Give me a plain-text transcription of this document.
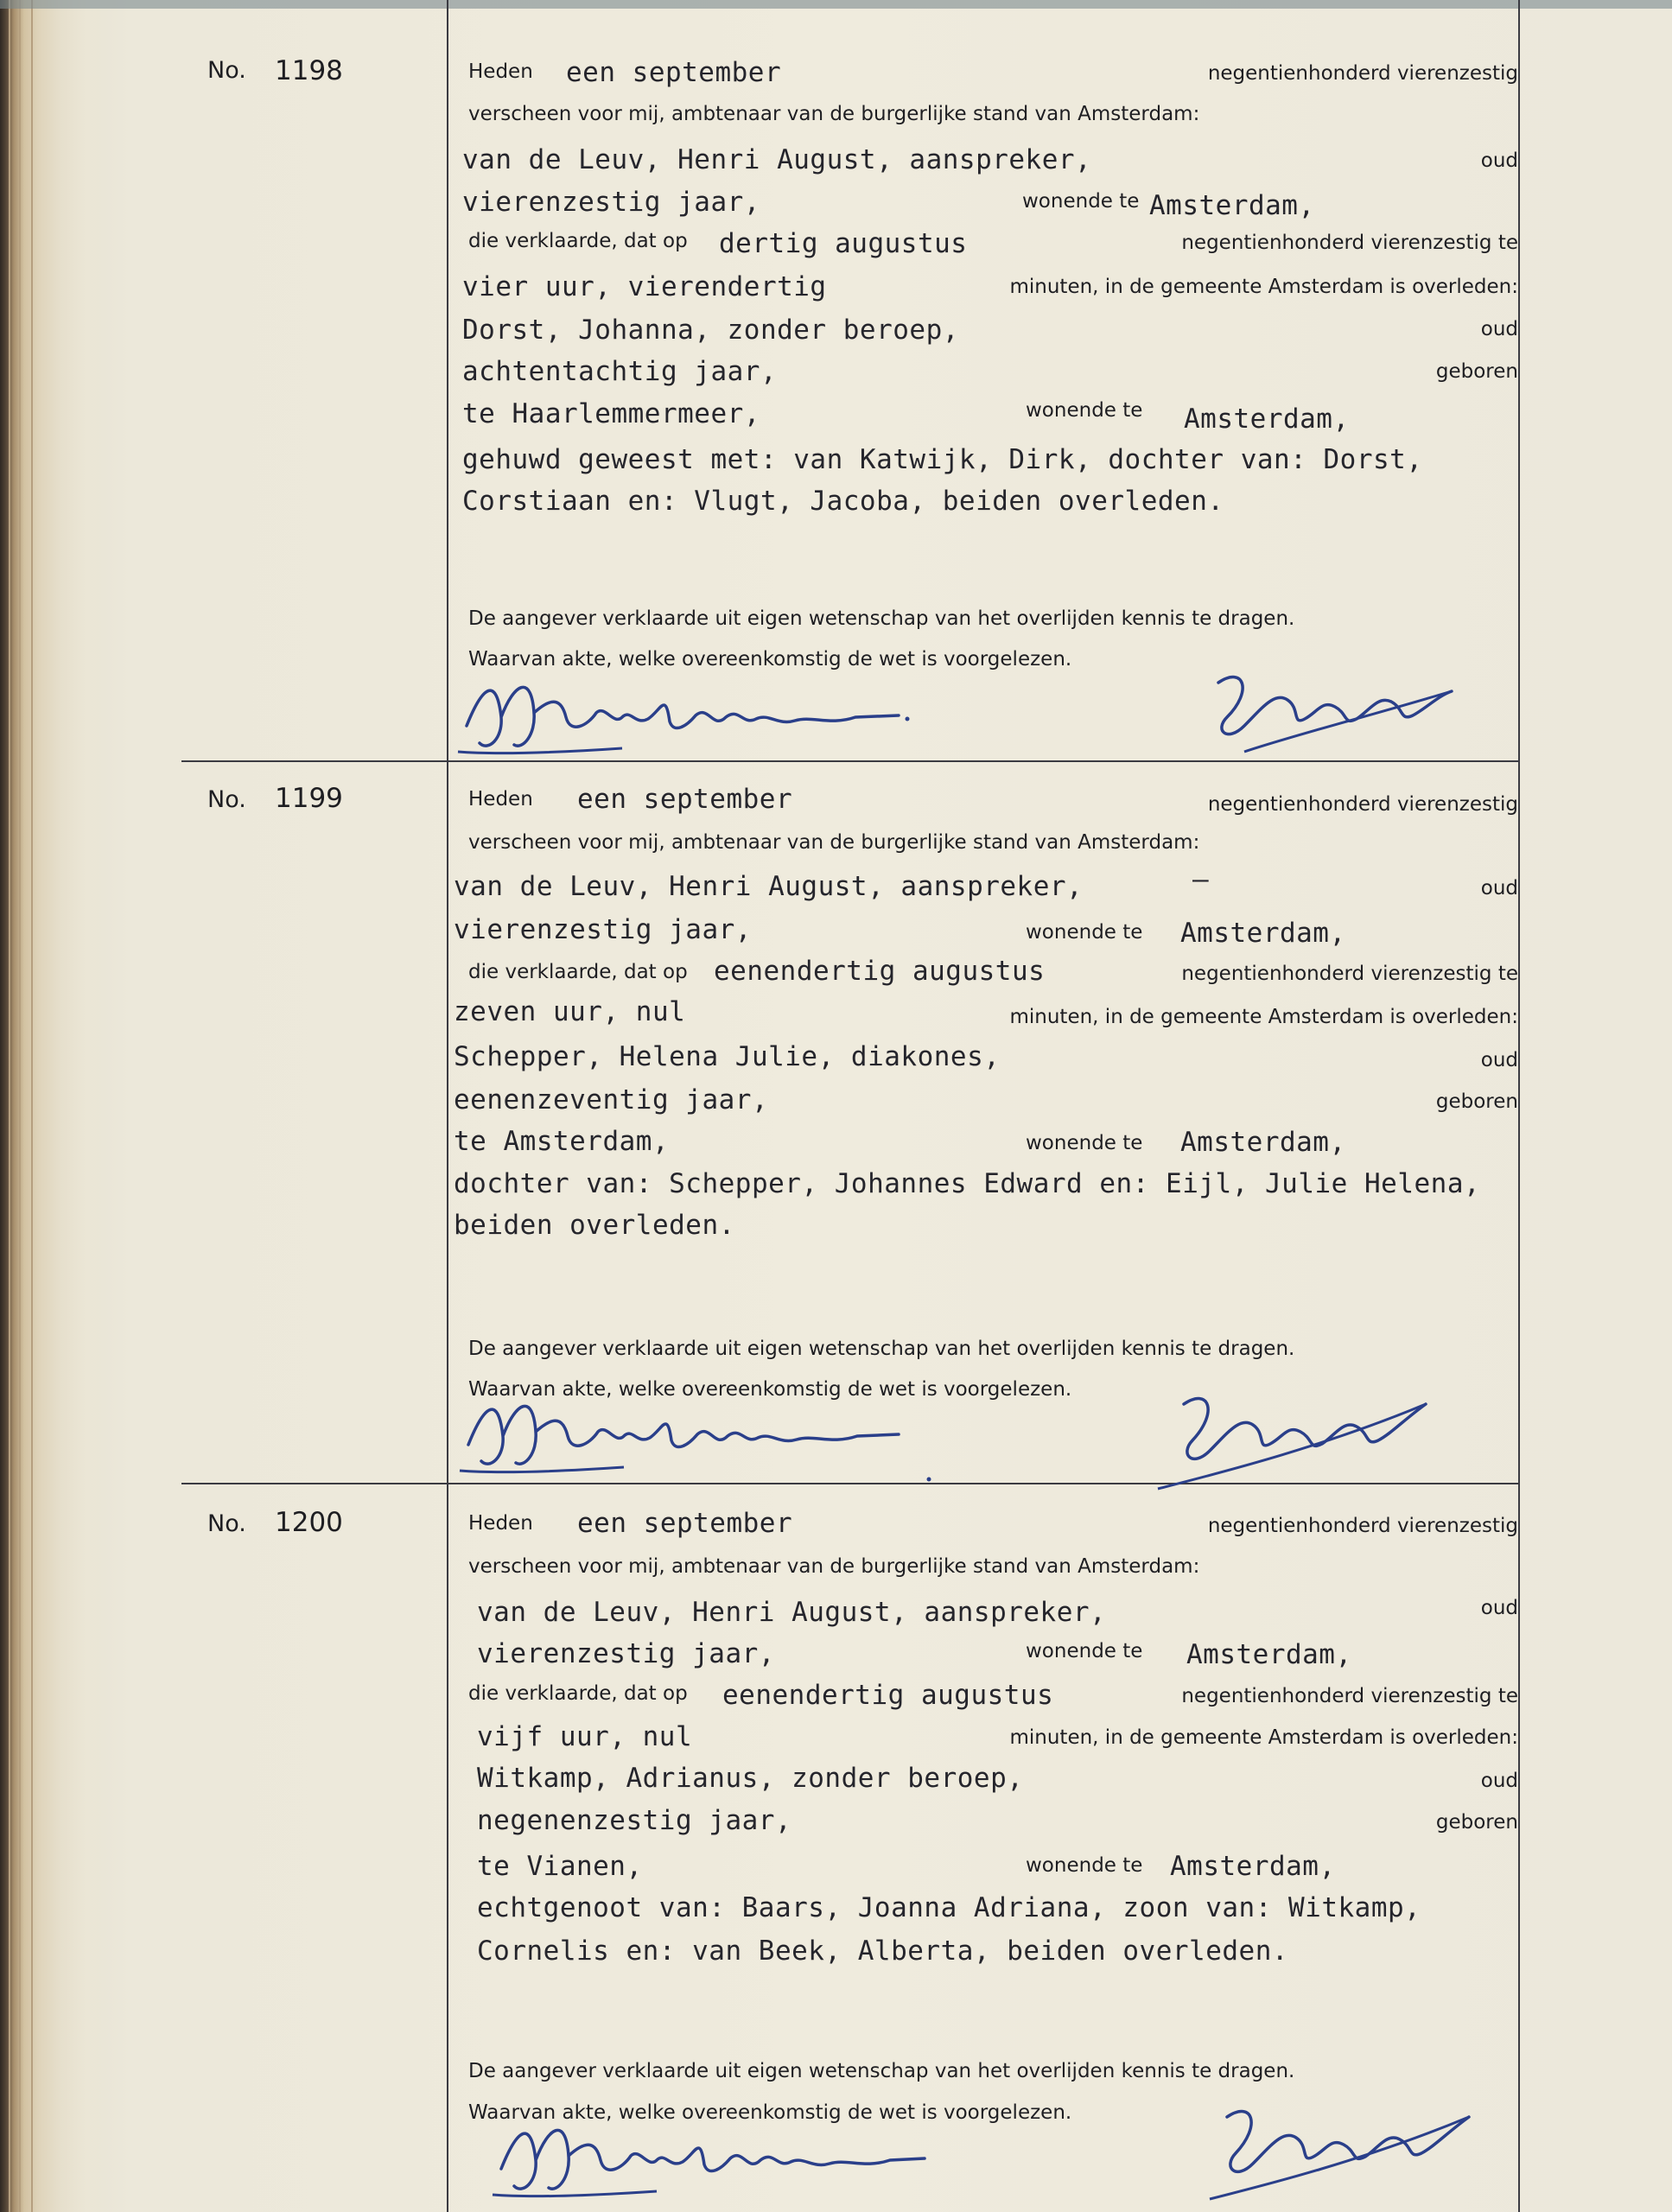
No. 1198	Heden een september	negentienhonderd vierenzestig
verscheen voor mij, ambtenaar van de burgerlijke stand van Amsterdam:
van de Leuv, Henri August, aanspreker,	oud
vierenzestig jaar,	wonende te Amsterdam,
die verklaarde, dat op dertig augustus	negentienhonderd vierenzestig te
vier uur, vierendertig	minuten, in de gemeente Amsterdam is overleden:
Dorst, Johanna, zonder beroep,	oud
achtentachtig jaar,	geboren
te Haarlemmermeer,	wonende te Amsterdam,
gehuwd geweest met: van Katwijk, Dirk, dochter van: Dorst,
Corstiaan en: Vlugt, Jacoba, beiden overleden.
De aangever verklaarde uit eigen wetenschap van het overlijden kennis te dragen.
Waarvan akte, welke overeenkomstig de wet is voorgelezen.
No. 1199	Heden een september	negentienhonderd vierenzestig
verscheen voor mij, ambtenaar van de burgerlijke stand van Amsterdam:
van de Leuv, Henri August, aanspreker,	—	oud
vierenzestig jaar,	wonende te Amsterdam,
die verklaarde, dat op eenendertig augustus	negentienhonderd vierenzestig te
zeven uur, nul	minuten, in de gemeente Amsterdam is overleden:
Schepper, Helena Julie, diakones,	oud
eenenzeventig jaar,	geboren
te Amsterdam,	wonende te Amsterdam,
dochter van: Schepper, Johannes Edward en: Eijl, Julie Helena,
beiden overleden.
De aangever verklaarde uit eigen wetenschap van het overlijden kennis te dragen.
Waarvan akte, welke overeenkomstig de wet is voorgelezen.
No. 1200	Heden een september	negentienhonderd vierenzestig
verscheen voor mij, ambtenaar van de burgerlijke stand van Amsterdam:
van de Leuv, Henri August, aanspreker,	oud
vierenzestig jaar,	wonende te Amsterdam,
die verklaarde, dat op eenendertig augustus	negentienhonderd vierenzestig te
vijf uur, nul	minuten, in de gemeente Amsterdam is overleden:
Witkamp, Adrianus, zonder beroep,	oud
negenenzestig jaar,	geboren
te Vianen,	wonende te Amsterdam,
echtgenoot van: Baars, Joanna Adriana, zoon van: Witkamp,
Cornelis en: van Beek, Alberta, beiden overleden.
De aangever verklaarde uit eigen wetenschap van het overlijden kennis te dragen.
Waarvan akte, welke overeenkomstig de wet is voorgelezen.
